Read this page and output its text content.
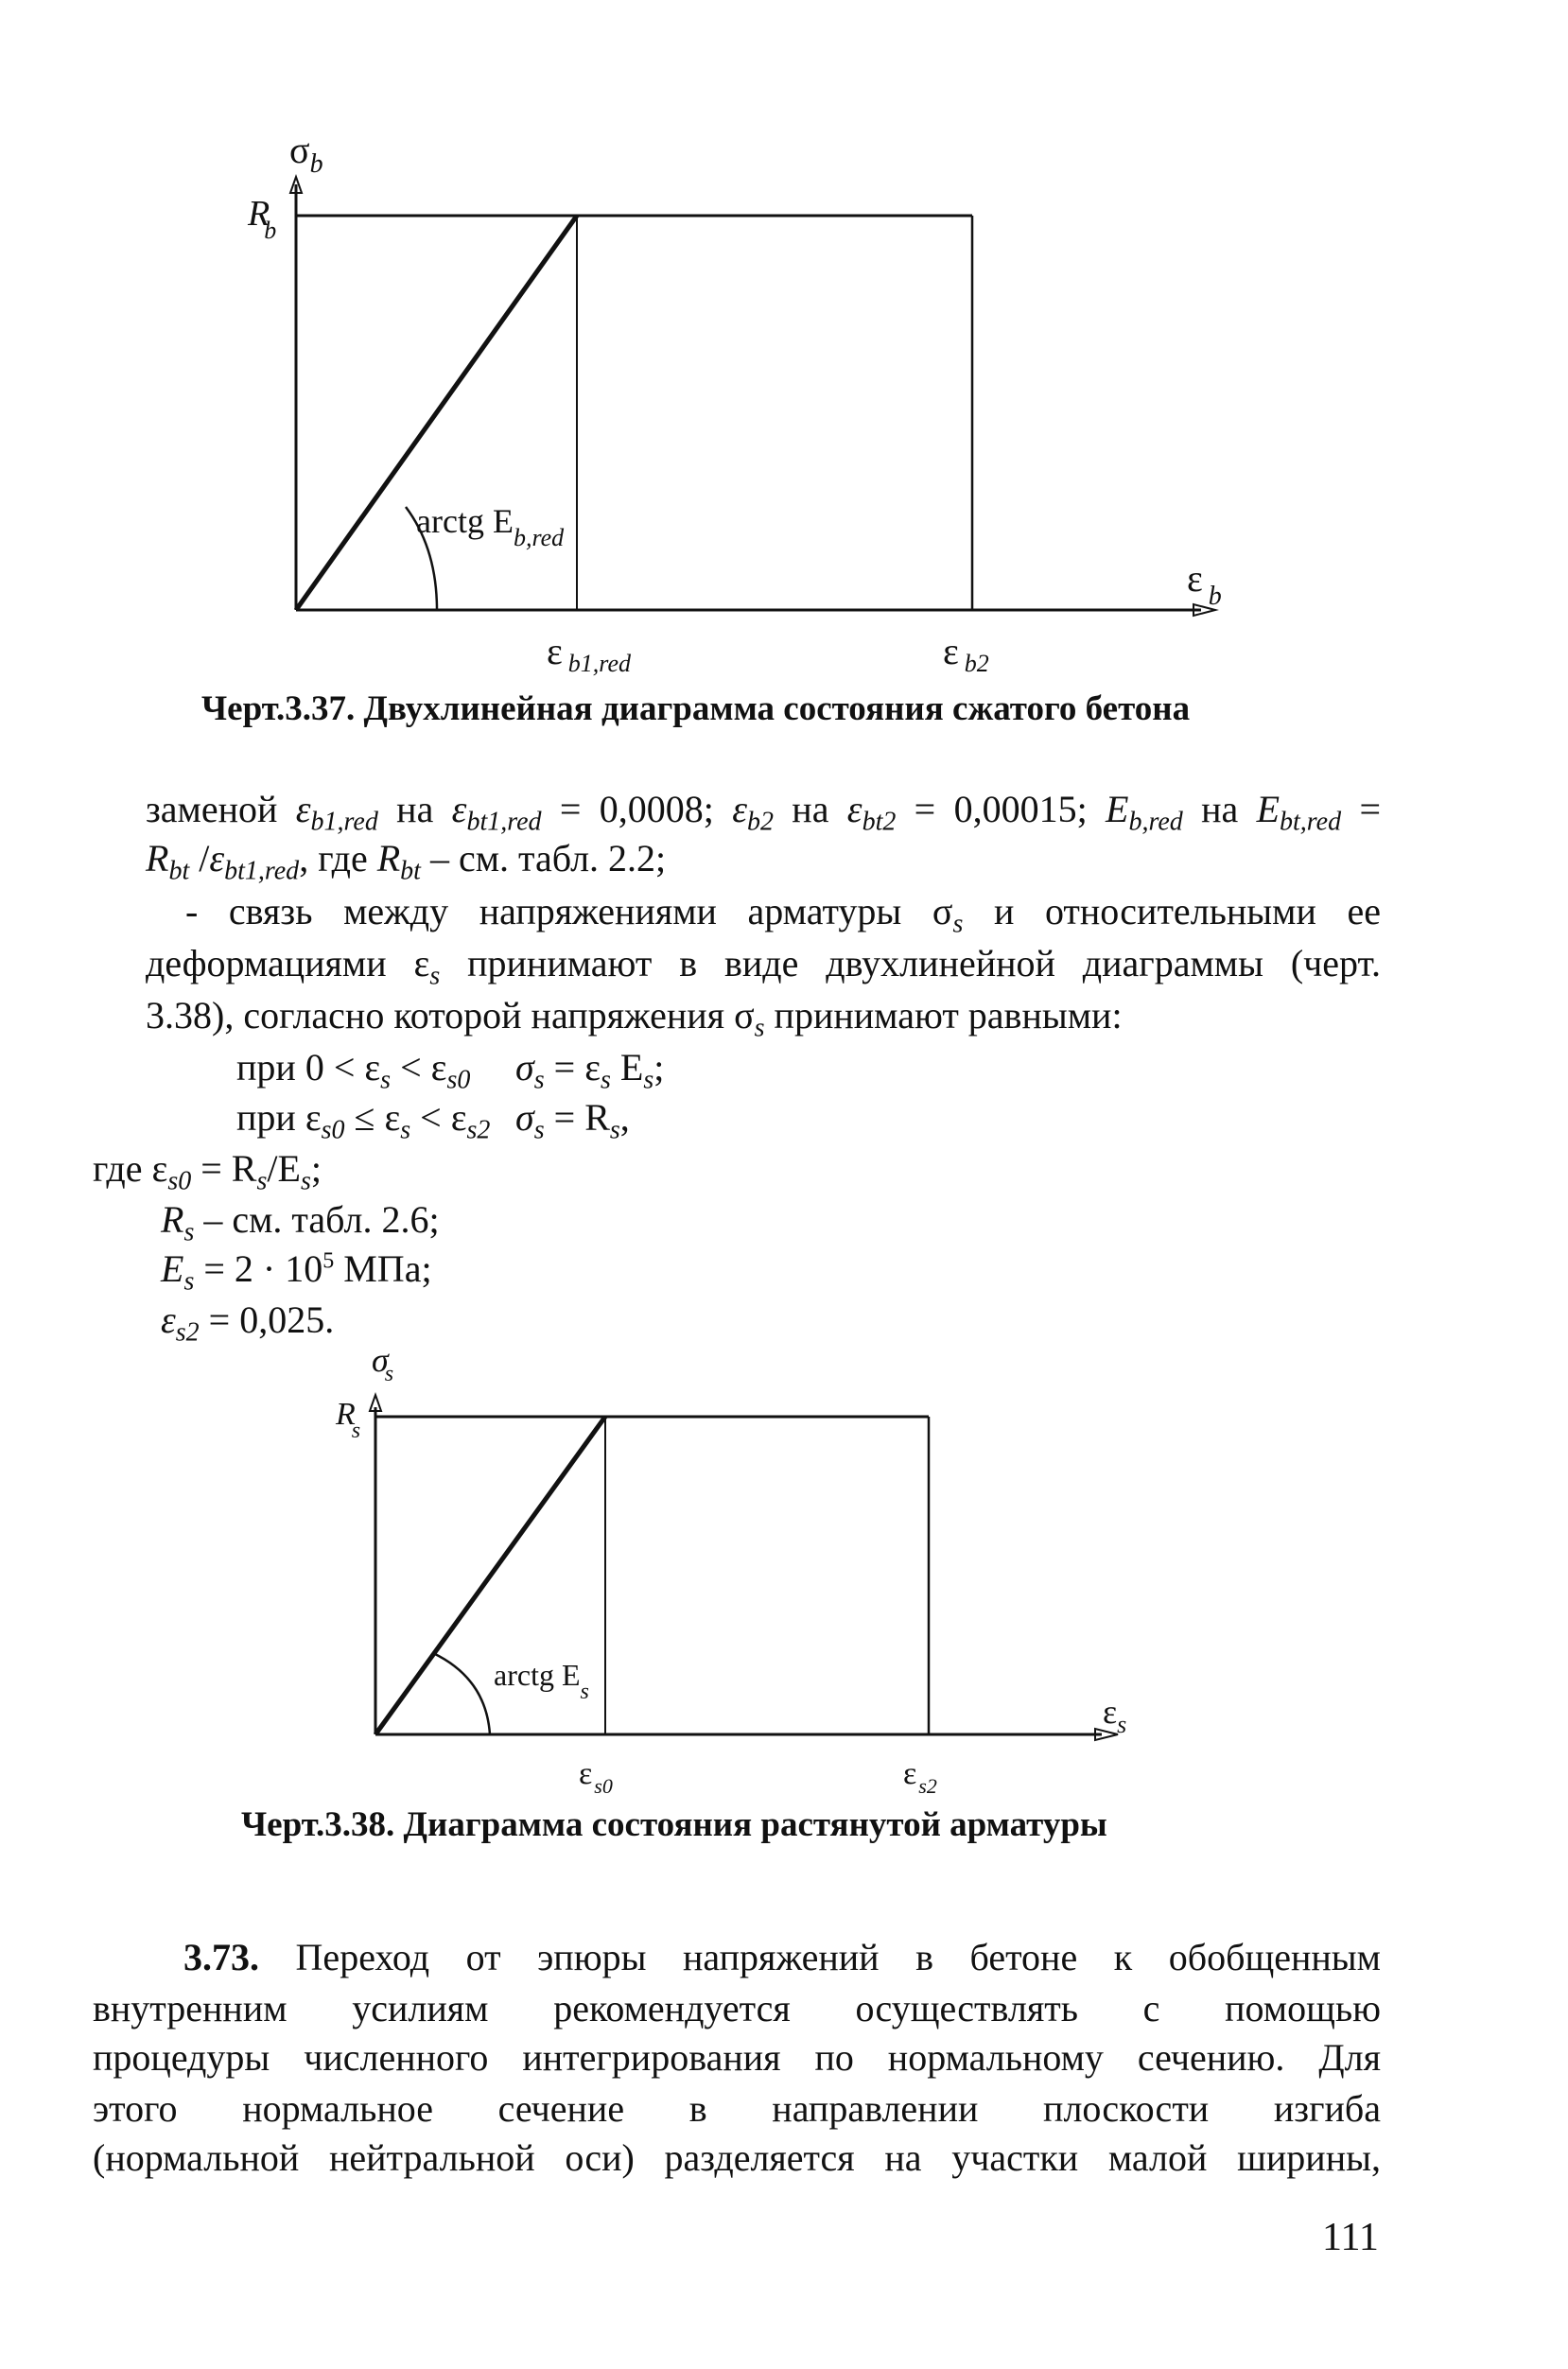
$\sigma_b$
Rb
arctg $E_{b,red}$
ε $_b$
ε $_{b1,red}$	ε $_{b2}$
Черт.3.37. Двухлинейная диаграмма состояния сжатого бетона
заменой $\varepsilon_{b1,red}$ на $\varepsilon_{bt1,red} = 0,0008$; $\varepsilon_{b2}$ на $\varepsilon_{bt2} = 0,00015$; $E_{b,red}$ на $E_{bt,red}$ =
$R_{bt}$ $/\varepsilon_{bt1,red}$, где $R_{bt}$ – см. табл. 2.2;
- связь между напряжениями арматуры $\sigma_s$ и относительными ее
деформациями $\varepsilon_s$ принимают в виде двухлинейной диаграммы (черт.
3.38), согласно которой напряжения $\sigma_s$ принимают равными:
при $0 < \varepsilon_s < \varepsilon_{s0}$ $\sigma_s = \varepsilon_s$ $E_s$;
при $\varepsilon_{s0} \le \varepsilon_s < \varepsilon_{s2}$ $\sigma_s = R_s$,
где $\varepsilon_{s0} = R_s/E_s$;
$R_s$ – см. табл. 2.6;
$E_s = 2 \cdot 10^5$ МПа;
$\varepsilon_{s2} = 0,025$.
σs
Rs
arctg $E_s$
$\varepsilon_s$
$\varepsilon_{s0}$	$\varepsilon_{s2}$
Черт.3.38. Диаграмма состояния растянутой арматуры
3.73. Переход от эпюры напряжений в бетоне к обобщенным
внутренним усилиям рекомендуется осуществлять с помощью
процедуры численного интегрирования по нормальному сечению. Для
этого нормальное сечение в направлении плоскости изгиба
(нормальной нейтральной оси) разделяется на участки малой ширины,
111
